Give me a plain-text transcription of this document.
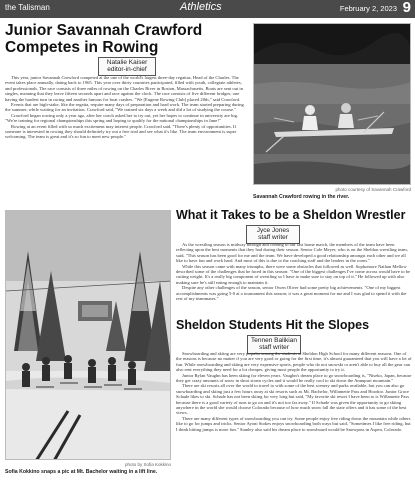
the Talisman	Athletics	February 2, 2023 9
Junior Savannah Crawford
Competes in Rowing
Natalie Kaiser
editor-in-chief

This year, junior Savannah Crawford competed at the one of the world's largest three-day regattas, Head of the Charles. The event takes place annually, dating back to 1965. This year over thirty countries participated, filled with youth, collegiate athletes, and professionals. The race consists of three miles of rowing on the Charles River in Boston, Massachusetts. Boats are sent out in singles, meaning that they leave fifteen seconds apart and race against the clock. The race consists of five different bridges; one having the hardest turn in racing and another famous for boat crashes. "We [Eugene Rowing Club] placed 20th," said Crawford.

Events that are high-stake, like the regatta, require many days of preparation and hard work. The team started preparing during the summer, while waiting for an invitation. Crawford said, "We trained six days a week and did a lot of studying the course."

Crawford began rowing only a year ago, after her coach asked her to try out, yet her hopes to continue in university are big. "We're training for regional championships this spring and hoping to qualify for the national championships in June!"

Rowing at an event filled with so much excitement may interest people. Crawford said, "There's plenty of opportunities. If someone is interested in rowing they should definitely try out a free trial and see what it's like. The team environment is super welcoming. The team is great and it's so fun to meet new people."

photo courtesy of Savannah Crawford
Savannah Crawford rowing in the river.
What it Takes to be a Sheldon Wrestler
Jyce Jones
staff writer

As the wrestling season is midway through and coming to our last home match, the members of the team have been reflecting upon the best moments that they had during their season. Senior Cole Meyer, who is on the Sheldon wrestling team, said, "This season has been good for me and the team. We have developed a good relationship amongst each other and we all like to have fun and work hard. And most of this is due to the coaching staff and the leaders in the room."

While this season came with many triumphs, there were some obstacles that followed as well. Sophomore Nathan Mellow described some of the challenges that he faced in this season: "One of the biggest challenges I've come across would have to be cutting weight. It's a really big component of wrestling so I have to make sure to stay on top of it." He followed up with also making sure he's still eating enough to maintain it.

Despite any other challenges of the season, senior Owen Oliver had some pretty big achievements. "One of my biggest accomplishments was going 5-0 at a tournament this season; it was a great moment for me and I was glad to spend it with the rest of my teammates."

Sheldon Students Hit the Slopes
Tennen Balikian
staff writer

Snowboarding and skiing are very popular among the students at Sheldon High School for many different reasons. One of the reasons is because no matter if you are very good or going for the first time, it's almost guaranteed that you will have a lot of fun. While snowboarding and skiing are very expensive sports, people who do not snowski or aren't able to buy all the gear can also rent everything they need for a lot cheaper, giving most people the opportunity to try it.

Junior Rylan Vaughn has been skiing for eleven years. Vaughn's dream place to go snowboarding is, "Niseko, Japan, because they get crazy amounts of snow in short storm cycles and it would be really cool to ski down the Annupuri mountain."

There are ski resorts all over the world to travel to with some of the best scenery and parks available, but you can also go snowboarding and skiing just a few hours away at ski resorts such as Mt. Bachelor, Willamette Pass and Hoodoo. Junior Grace Schade likes to ski. Schade has not been skiing for very long but said, "My favorite ski resort I have been to is Willamette Pass because there is a good variety of runs to go on and it's not too far away." If Schade was given the opportunity to go skiing anywhere in the world she would choose Colorado because of how much snow fall the state offers and it has some of the best views.

There are many different types of snowboarding you can try. Some people enjoy free riding down the mountain while others like to go for jumps and tricks. Senior Ayoni Stokes enjoys snowboarding both ways but said, "Sometimes I like free riding, but I think hitting jumps is more fun." Stanley also said his dream place to snowboard would be Snowpass in Aspen, Colorado.

photo by Sofia Kokkino
Sofia Kokkino snaps a pic at Mt. Bachelor waiting in a lift line.
